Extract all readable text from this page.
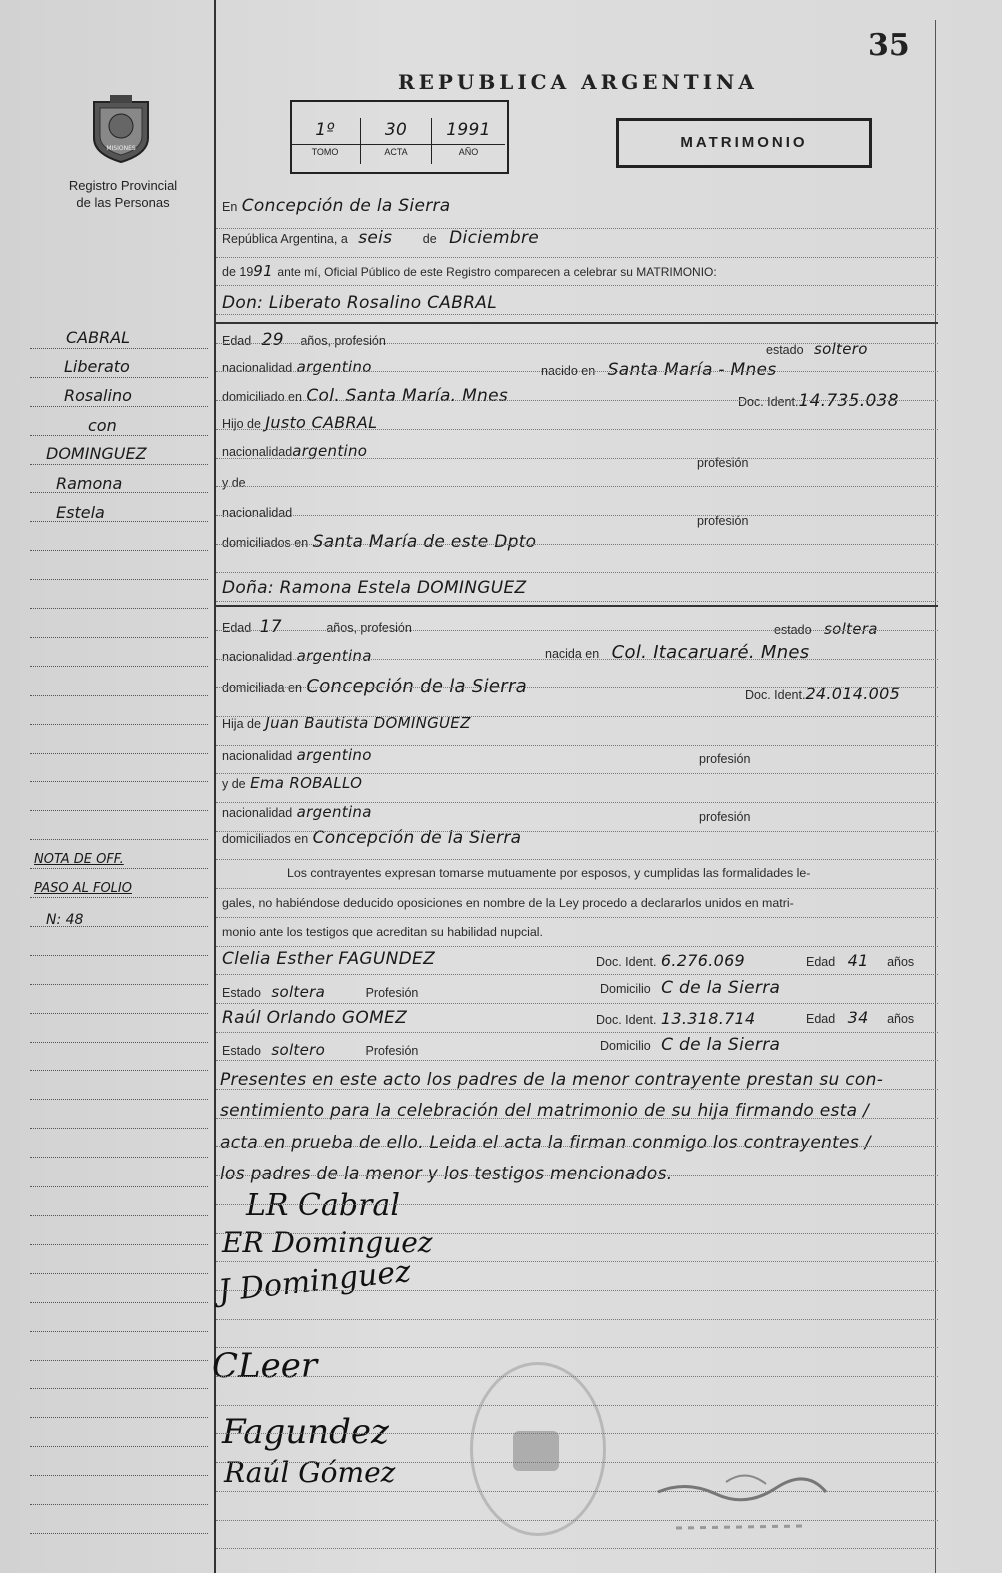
35
REPUBLICA ARGENTINA
MISIONES
Registro Provincial
de las Personas
1º
TOMO
30
ACTA
1991
AÑO
MATRIMONIO
CABRAL
Liberato
Rosalino
con
DOMINGUEZ
Ramona
Estela
NOTA DE OFF.
PASO AL FOLIO
N: 48
En Concepción de la Sierra
República Argentina, a seis de Diciembre
de 1991 ante mí, Oficial Público de este Registro comparecen a celebrar su MATRIMONIO:
Don: Liberato Rosalino CABRAL
Edad 29 años, profesión
estado soltero
nacionalidad argentino	nacido en Santa María - Mnes
domiciliado en Col. Santa María. Mnes	Doc. Ident.14.735.038
Hijo de Justo CABRAL
nacionalidadargentino
profesión
y de
nacionalidad
profesión
domiciliados en Santa María de este Dpto
Doña: Ramona Estela DOMINGUEZ
Edad 17	años, profesión	estado soltera
nacionalidad argentina	nacida en Col. Itacaruaré. Mnes
domiciliada en Concepción de la Sierra	Doc. Ident.24.014.005
Hija de Juan Bautista DOMINGUEZ
nacionalidad argentino	profesión
y de Ema ROBALLO
nacionalidad argentina	profesión
domiciliados en Concepción de la Sierra
Los contrayentes expresan tomarse mutuamente por esposos, y cumplidas las formalidades le-
gales, no habiéndose deducido oposiciones en nombre de la Ley procedo a declararlos unidos en matri-
monio ante los testigos que acreditan su habilidad nupcial.
Clelia Esther FAGUNDEZ	Doc. Ident. 6.276.069	Edad 41 años
Estado soltera	Profesión	Domicilio C de la Sierra
Raúl Orlando GOMEZ	Doc. Ident. 13.318.714	Edad 34 años
Estado soltero	Profesión	Domicilio C de la Sierra
Presentes en este acto los padres de la menor contrayente prestan su con-
sentimiento para la celebración del matrimonio de su hija firmando esta /
acta en prueba de ello. Leida el acta la firman conmigo los contrayentes /
los padres de la menor y los testigos mencionados.
LR Cabral
ER Dominguez
J Dominguez
CLeer
Fagundez
Raúl Gómez
